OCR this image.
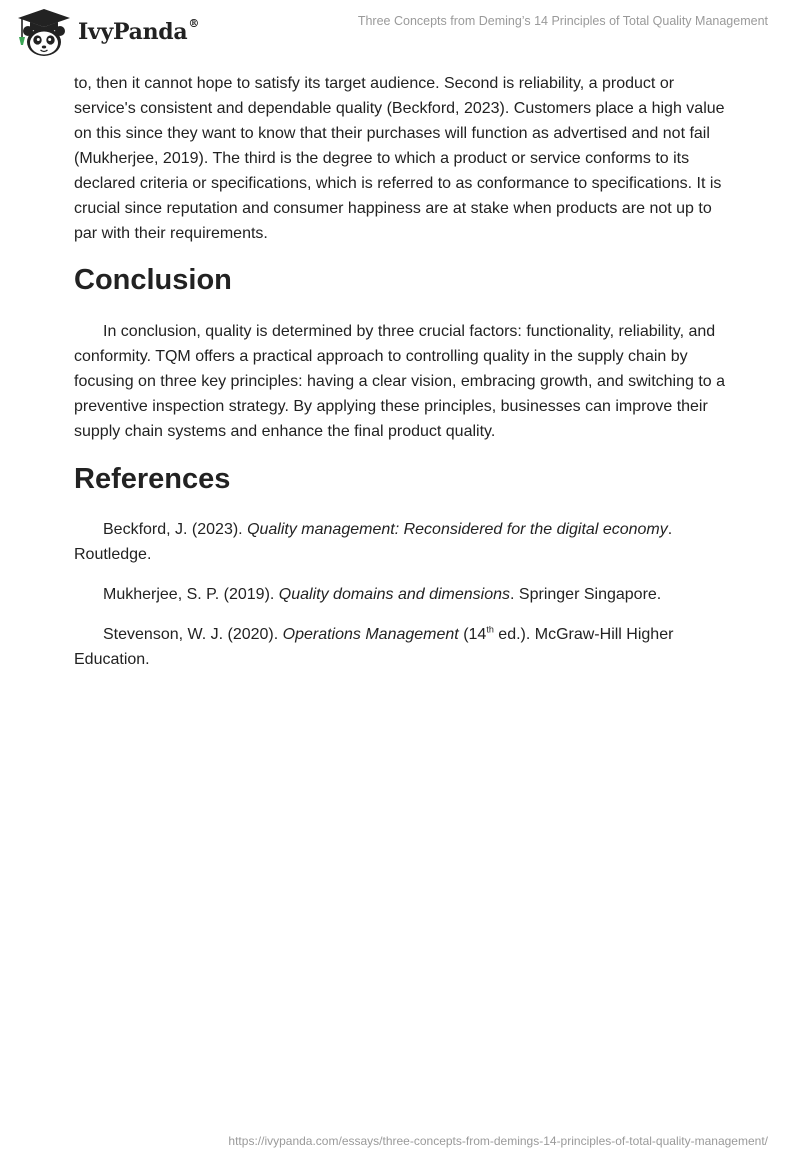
IvyPanda®	Three Concepts from Deming’s 14 Principles of Total Quality Management

to, then it cannot hope to satisfy its target audience. Second is reliability, a product or service's consistent and dependable quality (Beckford, 2023). Customers place a high value on this since they want to know that their purchases will function as advertised and not fail (Mukherjee, 2019). The third is the degree to which a product or service conforms to its declared criteria or specifications, which is referred to as conformance to specifications. It is crucial since reputation and consumer happiness are at stake when products are not up to par with their requirements.

Conclusion

In conclusion, quality is determined by three crucial factors: functionality, reliability, and conformity. TQM offers a practical approach to controlling quality in the supply chain by focusing on three key principles: having a clear vision, embracing growth, and switching to a preventive inspection strategy. By applying these principles, businesses can improve their supply chain systems and enhance the final product quality.

References

Beckford, J. (2023). Quality management: Reconsidered for the digital economy. Routledge.

Mukherjee, S. P. (2019). Quality domains and dimensions. Springer Singapore.

Stevenson, W. J. (2020). Operations Management (14th ed.). McGraw-Hill Higher Education.

https://ivypanda.com/essays/three-concepts-from-demings-14-principles-of-total-quality-management/
